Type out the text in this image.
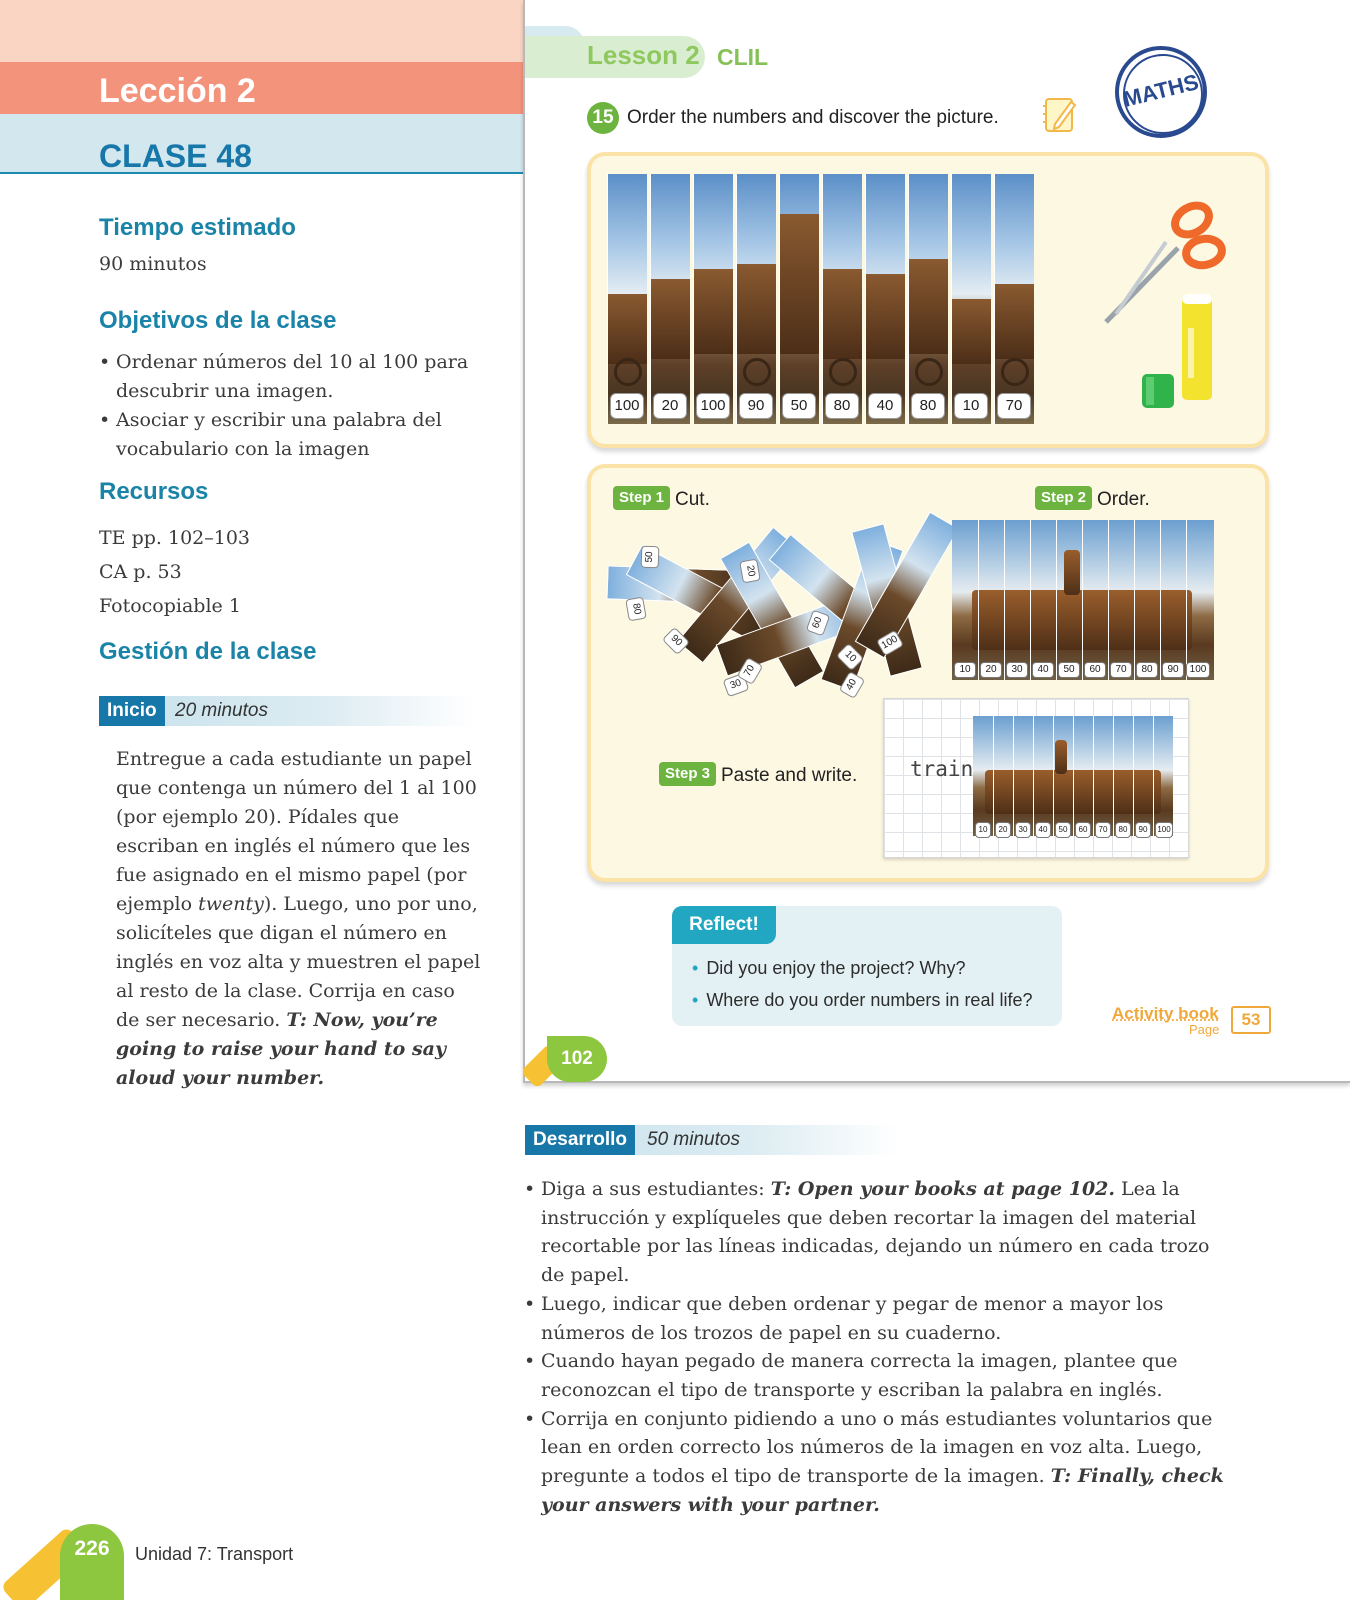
Lección 2
CLASE 48
Tiempo estimado
90 minutos
Objetivos de la clase
• Ordenar números del 10 al 100 para descubrir una imagen.
• Asociar y escribir una palabra del vocabulario con la imagen
Recursos
TE pp. 102–103
CA p. 53
Fotocopiable 1
Gestión de la clase
Inicio 20 minutos
Entregue a cada estudiante un papel que contenga un número del 1 al 100 (por ejemplo 20). Pídales que escriban en inglés el número que les fue asignado en el mismo papel (por ejemplo twenty). Luego, uno por uno, solicíteles que digan el número en inglés en voz alta y muestren el papel al resto de la clase. Corrija en caso de ser necesario. T: Now, you’re going to raise your hand to say aloud your number.
Lesson 2 CLIL
MATHS
15 Order the numbers and discover the picture.
100	20	100	90	50	80	40	80	10	70
Step 1 Cut.	Step 2 Order.
50
80
90
20
30
70
60
10
40
100
10	20	30	40	50	60	70	80	90	100
Step 3 Paste and write.	train
10	20	30	40	50	60	70	80	90	100
Reflect!
• Did you enjoy the project? Why?
• Where do you order numbers in real life?
Activity book
Page
53
102
Desarrollo	50 minutos
• Diga a sus estudiantes: T: Open your books at page 102. Lea la instrucción y explíqueles que deben recortar la imagen del material recortable por las líneas indicadas, dejando un número en cada trozo de papel.
• Luego, indicar que deben ordenar y pegar de menor a mayor los números de los trozos de papel en su cuaderno.
• Cuando hayan pegado de manera correcta la imagen, plantee que reconozcan el tipo de transporte y escriban la palabra en inglés.
• Corrija en conjunto pidiendo a uno o más estudiantes voluntarios que lean en orden correcto los números de la imagen en voz alta. Luego, pregunte a todos el tipo de transporte de la imagen. T: Finally, check your answers with your partner.
226	Unidad 7: Transport
